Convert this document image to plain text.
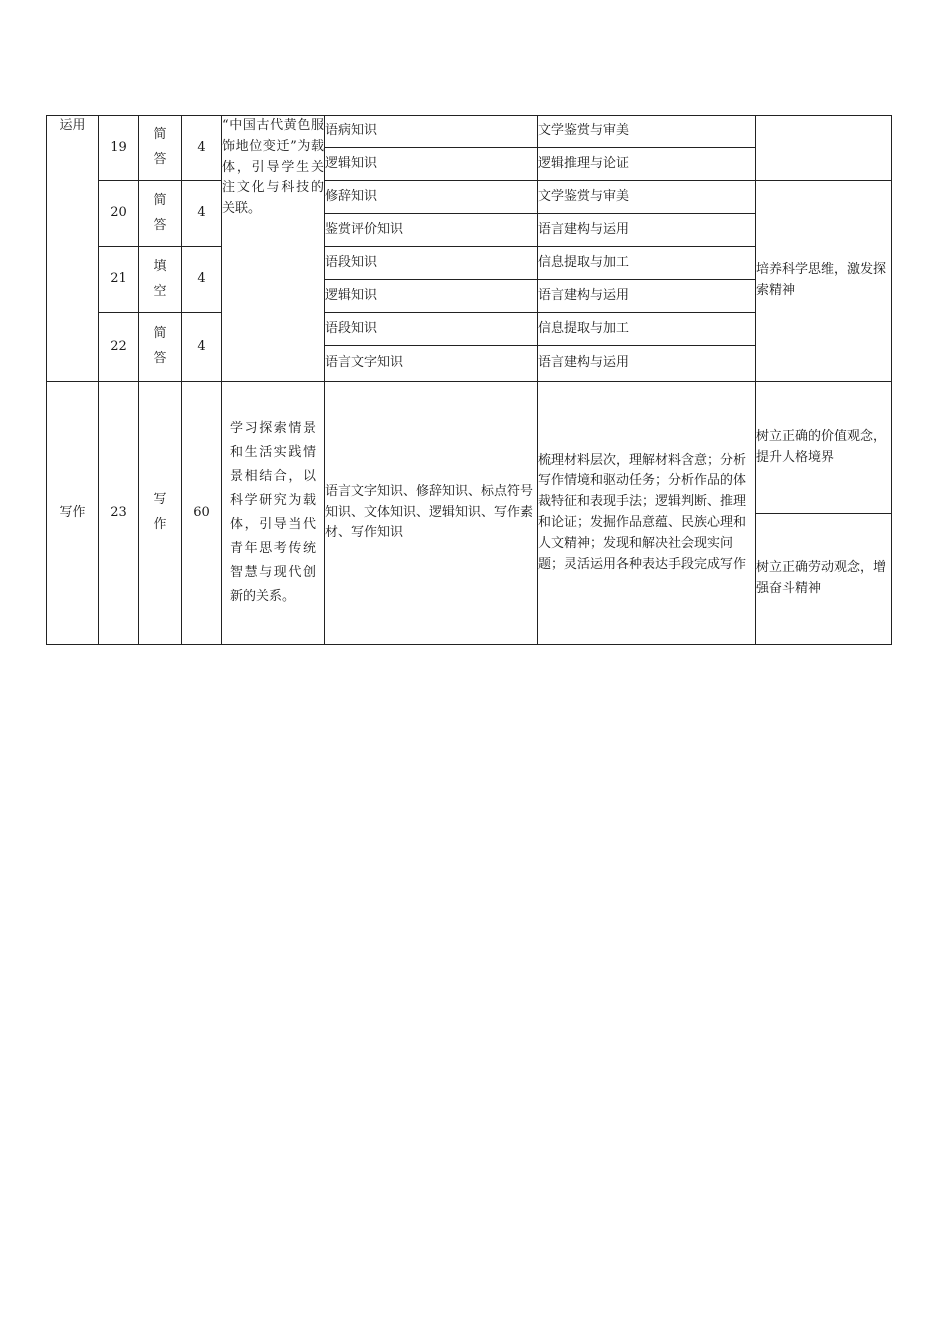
运用	19	简答	4	“中国古代黄色服饰地位变迁”为载体，引导学生关注文化与科技的关联。	语病知识	文学鉴赏与审美	
					逻辑知识	逻辑推理与论证	
	20	简答	4		修辞知识	文学鉴赏与审美	培养科学思维，激发探索精神
					鉴赏评价知识	语言建构与运用	
	21	填空	4		语段知识	信息提取与加工	
					逻辑知识	语言建构与运用	
	22	简答	4		语段知识	信息提取与加工	
					语言文字知识	语言建构与运用	
写作	23	写作	60	学习探索情景和生活实践情景相结合，以科学研究为载体，引导当代青年思考传统智慧与现代创新的关系。	语言文字知识、修辞知识、标点符号知识、文体知识、逻辑知识、写作素材、写作知识	梳理材料层次，理解材料含意；分析写作情境和驱动任务；分析作品的体裁特征和表现手法；逻辑判断、推理和论证；发掘作品意蕴、民族心理和人文精神；发现和解决社会现实问题；灵活运用各种表达手段完成写作	树立正确的价值观念，提升人格境界
							树立正确劳动观念，增强奋斗精神
